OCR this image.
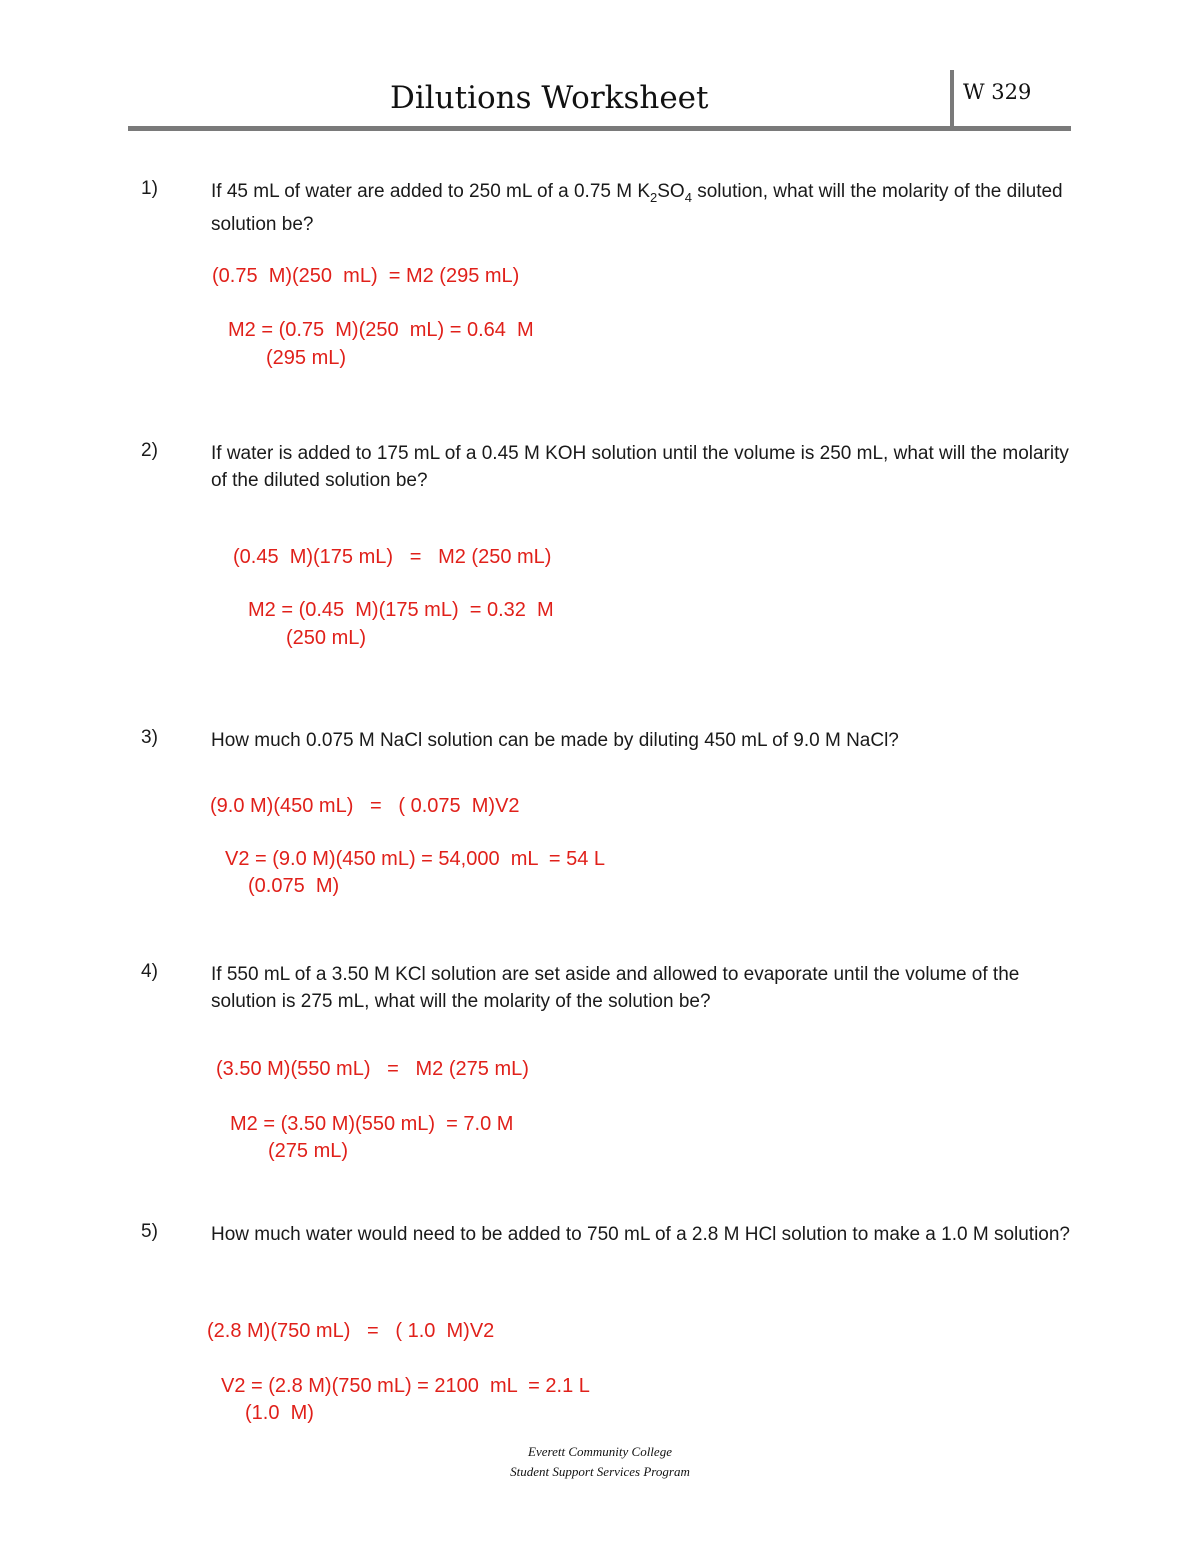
Dilutions Worksheet	W 329
1)	If 45 mL of water are added to 250 mL of a 0.75 M $K_2SO_4$ solution, what will the molarity of the diluted solution be?
(0.75  M)(250  mL)  = M2 (295 mL)
M2 = (0.75  M)(250  mL) = 0.64  M
(295 mL)
2)	If water is added to 175 mL of a 0.45 M KOH solution until the volume is 250 mL, what will the molarity of the diluted solution be?
(0.45  M)(175 mL)   =   M2 (250 mL)
M2 = (0.45  M)(175 mL)  = 0.32  M
(250 mL)
3)	How much 0.075 M NaCl solution can be made by diluting 450 mL of 9.0 M NaCl?
(9.0 M)(450 mL)   =   ( 0.075  M)V2
V2 = (9.0 M)(450 mL) = 54,000  mL  = 54 L
(0.075  M)
4)	If 550 mL of a 3.50 M KCl solution are set aside and allowed to evaporate until the volume of the solution is 275 mL, what will the molarity of the solution be?
(3.50 M)(550 mL)   =   M2 (275 mL)
M2 = (3.50 M)(550 mL)  = 7.0 M
(275 mL)
5)	How much water would need to be added to 750 mL of a 2.8 M HCl solution to make a 1.0 M solution?
(2.8 M)(750 mL)   =   ( 1.0  M)V2
V2 = (2.8 M)(750 mL) = 2100  mL  = 2.1 L
(1.0  M)
Everett Community College
Student Support Services Program
